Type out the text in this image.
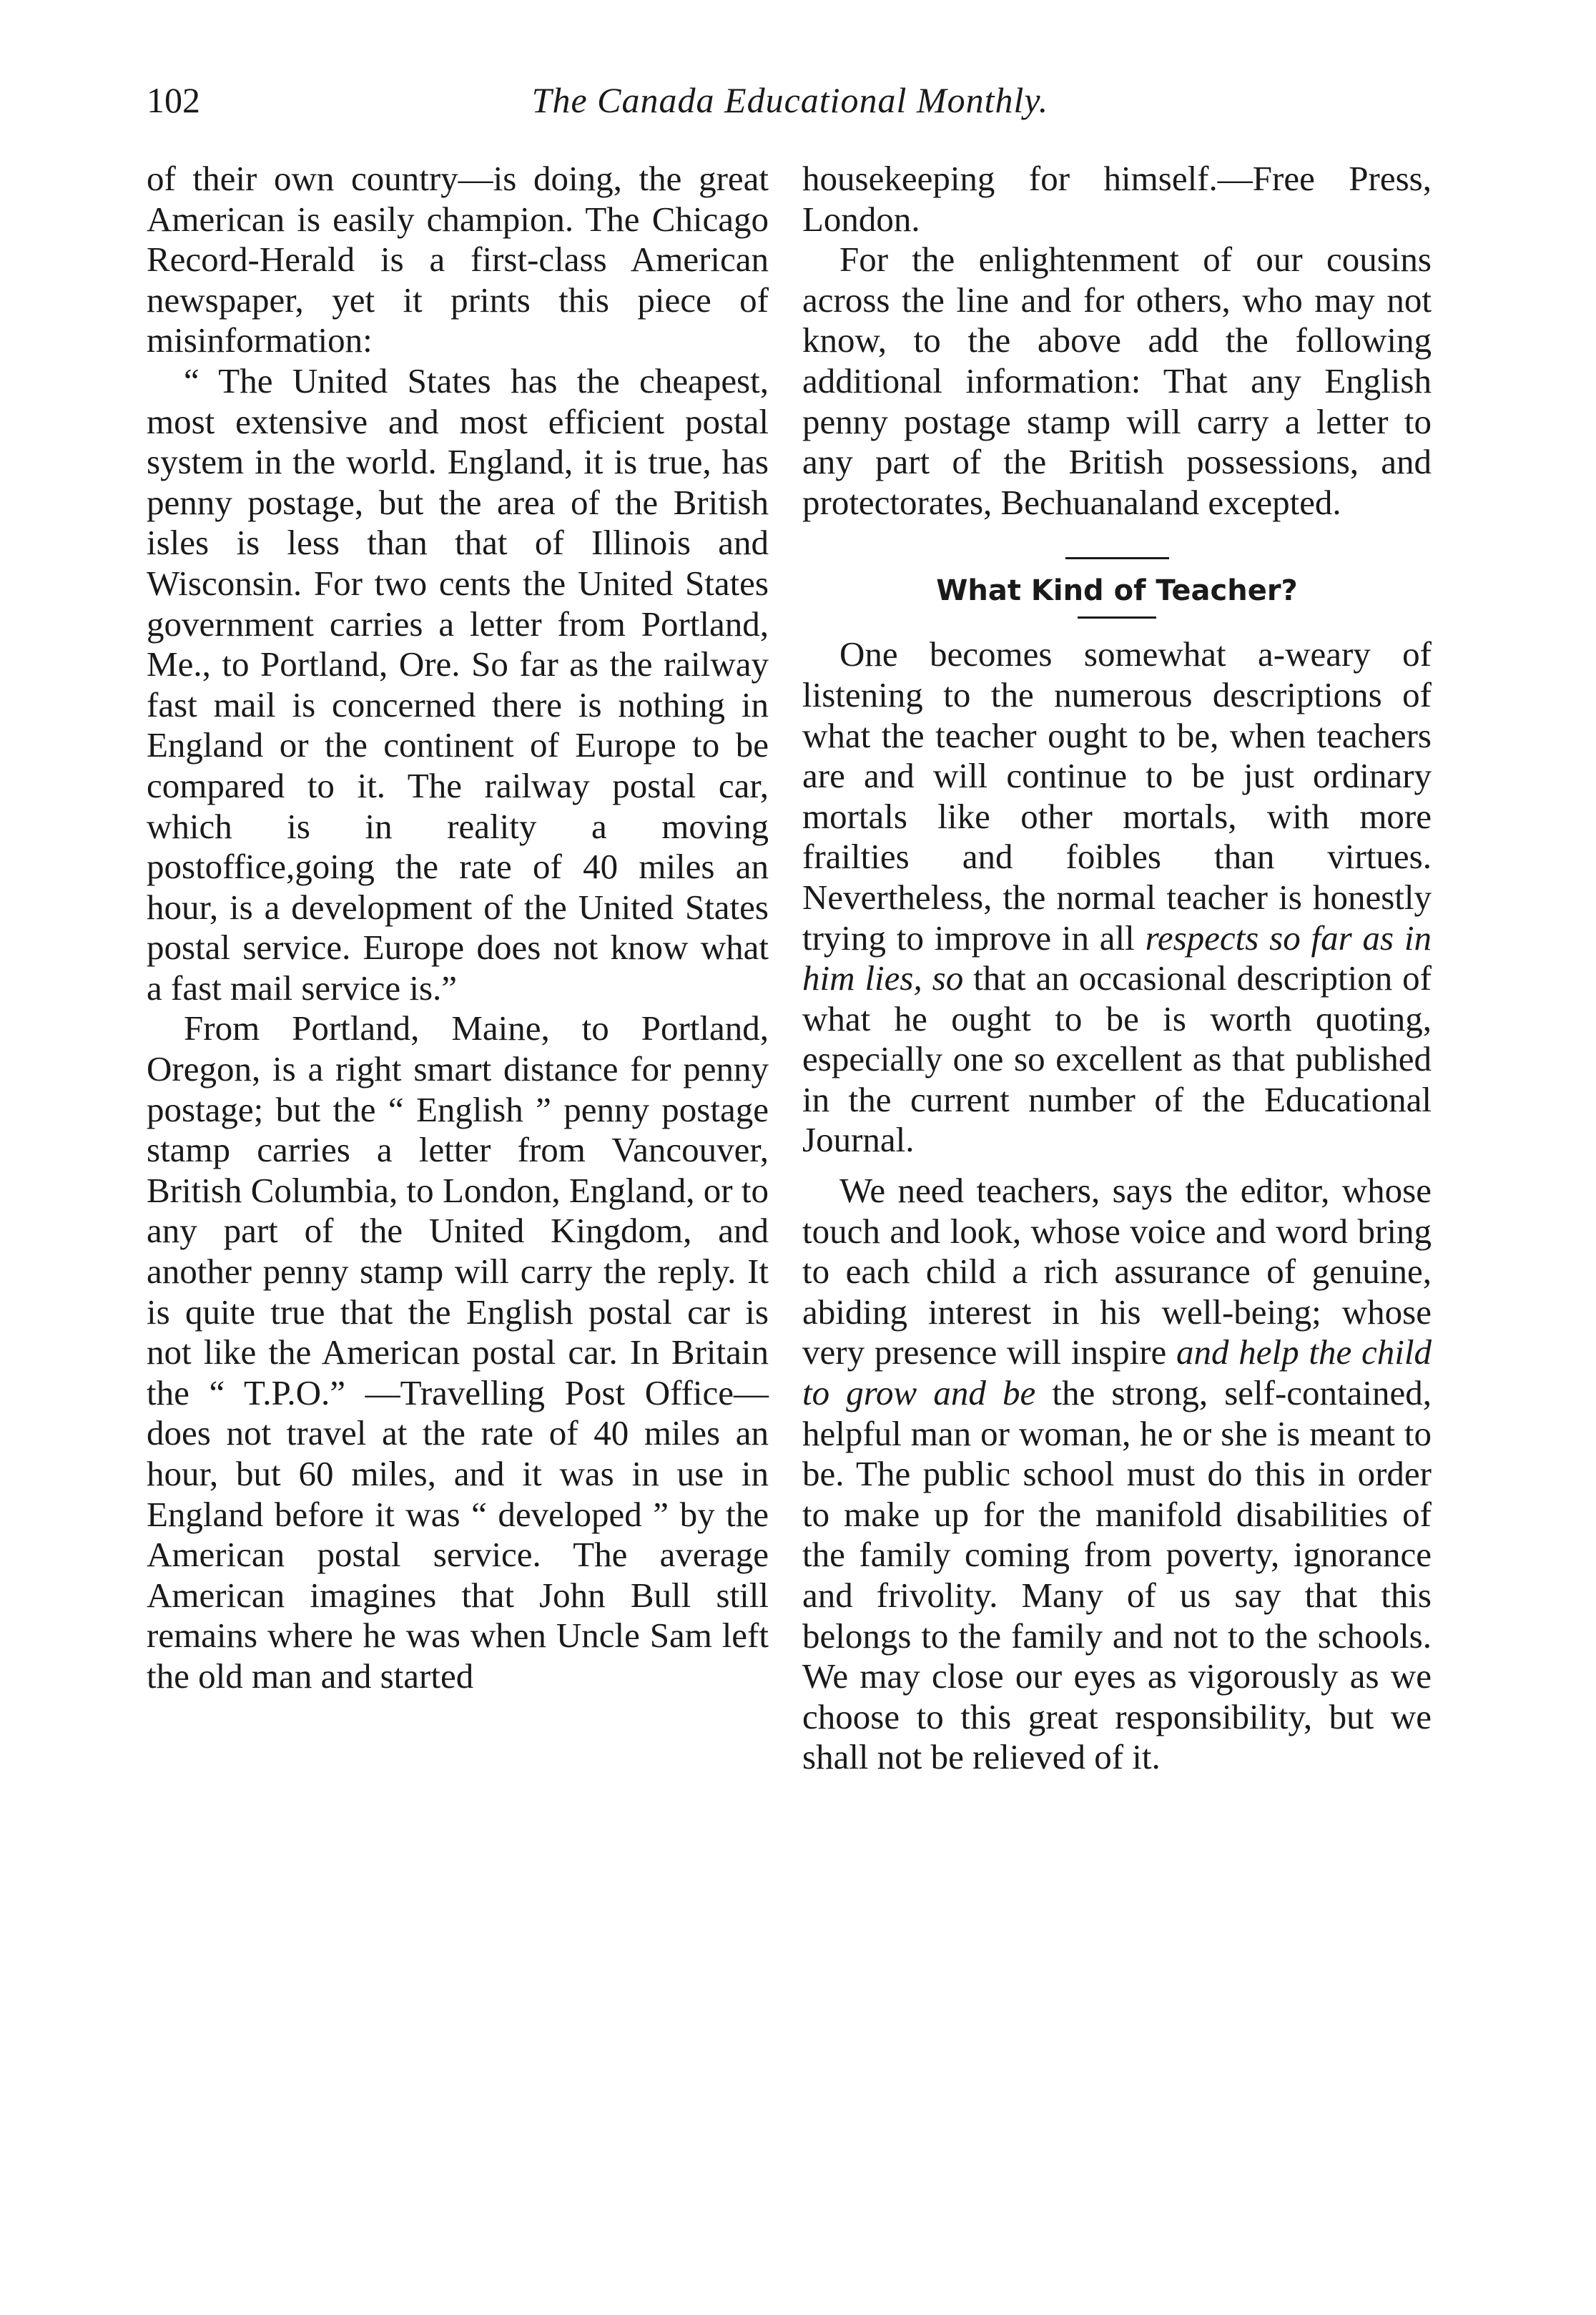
102	The Canada Educational Monthly.

of their own country—is doing, the great American is easily champion. The Chicago Record-Herald is a first-class American newspaper, yet it prints this piece of misinformation:

“ The United States has the cheapest, most extensive and most efficient postal system in the world. England, it is true, has penny postage, but the area of the British isles is less than that of Illinois and Wisconsin. For two cents the United States government carries a letter from Portland, Me., to Portland, Ore. So far as the railway fast mail is concerned there is nothing in England or the continent of Europe to be compared to it. The railway postal car, which is in reality a moving postoffice,going the rate of 40 miles an hour, is a development of the United States postal service. Europe does not know what a fast mail service is.”

From Portland, Maine, to Portland, Oregon, is a right smart distance for penny postage; but the “ English ” penny postage stamp carries a letter from Vancouver, British Columbia, to London, England, or to any part of the United Kingdom, and another penny stamp will carry the reply. It is quite true that the English postal car is not like the American postal car. In Britain the “ T.P.O.” —Travelling Post Office—does not travel at the rate of 40 miles an hour, but 60 miles, and it was in use in England before it was “ developed ” by the American postal service. The average American imagines that John Bull still remains where he was when Uncle Sam left the old man and started

housekeeping for himself.—Free Press, London.

For the enlightenment of our cousins across the line and for others, who may not know, to the above add the following additional information: That any English penny postage stamp will carry a letter to any part of the British possessions, and protectorates, Bechuanaland excepted.

What Kind of Teacher?

One becomes somewhat a-weary of listening to the numerous descriptions of what the teacher ought to be, when teachers are and will continue to be just ordinary mortals like other mortals, with more frailties and foibles than virtues. Nevertheless, the normal teacher is honestly trying to improve in all respects so far as in him lies, so that an occasional description of what he ought to be is worth quoting, especially one so excellent as that published in the current number of the Educational Journal.

We need teachers, says the editor, whose touch and look, whose voice and word bring to each child a rich assurance of genuine, abiding interest in his well-being; whose very presence will inspire and help the child to grow and be the strong, self-contained, helpful man or woman, he or she is meant to be. The public school must do this in order to make up for the manifold disabilities of the family coming from poverty, ignorance and frivolity. Many of us say that this belongs to the family and not to the schools. We may close our eyes as vigorously as we choose to this great responsibility, but we shall not be relieved of it.
